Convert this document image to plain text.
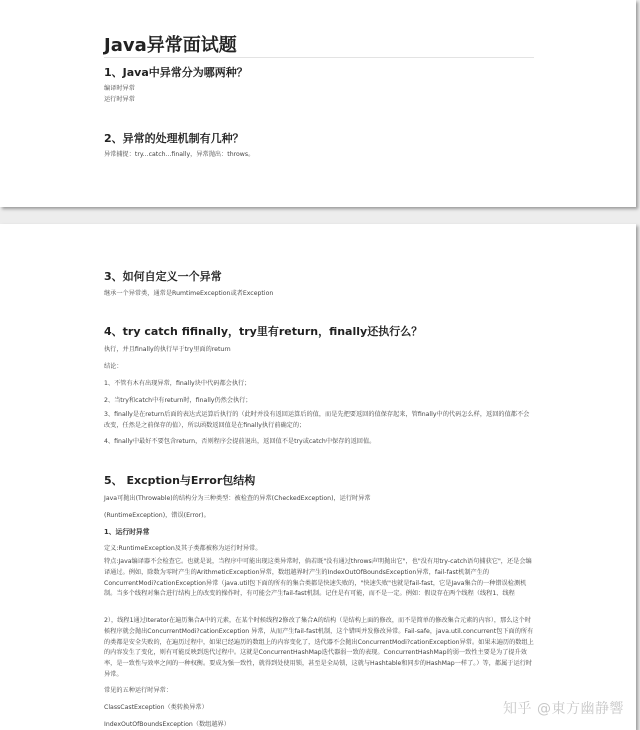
Java异常面试题
1、Java中异常分为哪两种？
编译时异常
运行时异常
2、异常的处理机制有几种？
异常捕捉：try...catch...finally，异常抛出：throws。
3、如何自定义一个异常
继承一个异常类，通常是RumtimeException或者Exception
4、try catch fifinally，try里有return，finally还执行么？
执行，并且finally的执行早于try里面的return
结论：
1、不管有木有出现异常，finally块中代码都会执行；
2、当try和catch中有return时，finally仍然会执行；
3、finally是在return后面的表达式运算后执行的（此时并没有返回运算后的值，而是先把要返回的值保存起来，管finally中的代码怎么样，返回的值都不会改变，任然是之前保存的值），所以函数返回值是在finally执行前确定的；
4、finally中最好不要包含return，否则程序会提前退出，返回值不是try或catch中保存的返回值。
5、 Excption与Error包结构
Java可抛出(Throwable)的结构分为三种类型：被检查的异常(CheckedException)，运行时异常
(RuntimeException)，错误(Error)。
1、运行时异常
定义:RuntimeException及其子类都被称为运行时异常。
特点:Java编译器不会检查它。也就是说，当程序中可能出现这类异常时，倘若既"没有通过throws声明抛出它"，也"没有用try-catch语句捕获它"，还是会编译通过。例如，除数为零时产生的ArithmeticException异常，数组越界时产生的IndexOutOfBoundsException异常，fail-fast机制产生的ConcurrentModi?cationException异常（java.util包下面的所有的集合类都是快速失败的，"快速失败"也就是fail-fast，它是Java集合的一种错误检测机制。当多个线程对集合进行结构上的改变的操作时，有可能会产生fail-fast机制。记住是有可能，而不是一定。例如：假设存在两个线程（线程1、线程
2），线程1通过Iterator在遍历集合A中的元素，在某个时候线程2修改了集合A的结构（是结构上面的修改，而不是简单的修改集合元素的内容），那么这个时候程序就会抛出ConcurrentModi?cationException 异常，从而产生fail-fast机制，这个错叫并发修改异常。Fail-safe，java.util.concurrent包下面的所有的类都是安全失败的，在遍历过程中，如果已经遍历的数组上的内容变化了，迭代器不会抛出ConcurrentModi?cationException异常。如果未遍历的数组上的内容发生了变化，则有可能反映到迭代过程中。这就是ConcurrentHashMap迭代器弱一致的表现。ConcurrentHashMap的弱一致性主要是为了提升效率，是一致性与效率之间的一种权衡。要成为强一致性，就得到处使用锁，甚至是全局锁，这就与Hashtable和同步的HashMap一样了。）等，都属于运行时异常。
常见的五种运行时异常：
ClassCastException（类转换异常）
IndexOutOfBoundsException（数组越界）
知乎 @東方幽静響
